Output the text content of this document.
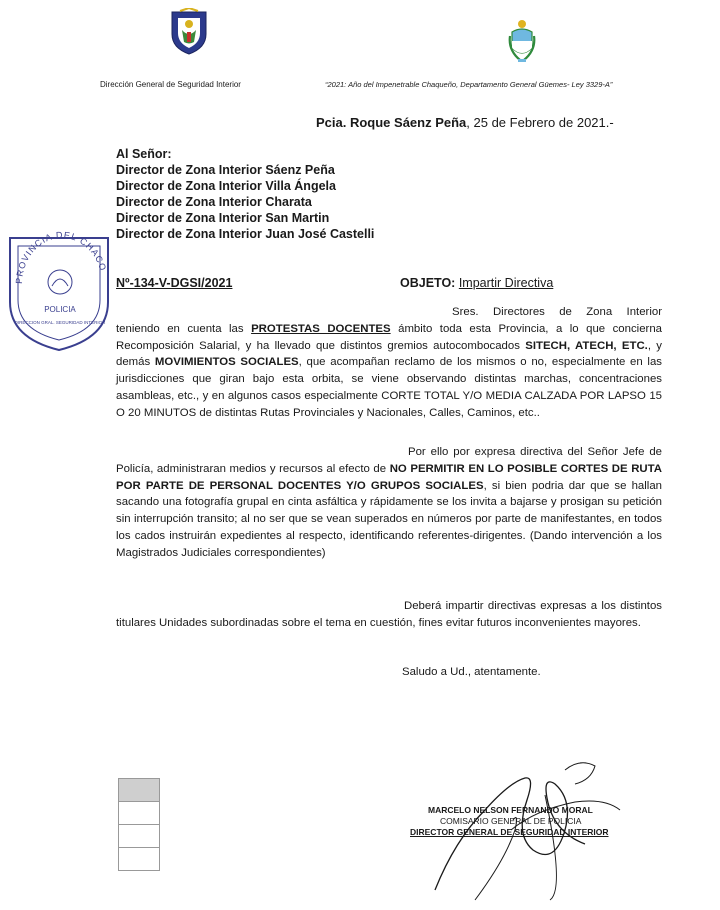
Dirección General de Seguridad Interior	“2021: Año del Impenetrable Chaqueño, Departamento General Güemes- Ley 3329-A”
Pcia. Roque Sáenz Peña, 25 de Febrero de 2021.-
Al Señor:
Director de Zona Interior Sáenz Peña
Director de Zona Interior Villa Ángela
Director de Zona Interior Charata
Director de Zona Interior San Martin
Director de Zona Interior Juan José Castelli
PROVINCIA DEL CHACO
POLICIA
DIRECCION GRAL. SEGURIDAD INTERIOR
Nº-134-V-DGSI/2021	OBJETO: Impartir Directiva
Sres. Directores de Zona Interior teniendo en cuenta las PROTESTAS DOCENTES ámbito toda esta Provincia, a lo que concierna Recomposición Salarial, y ha llevado que distintos gremios autocombocados SITECH, ATECH, ETC., y demás MOVIMIENTOS SOCIALES, que acompañan reclamo de los mismos o no, especialmente en las jurisdicciones que giran bajo esta orbita, se viene observando distintas marchas, concentraciones asambleas, etc., y en algunos casos especialmente CORTE TOTAL Y/O MEDIA CALZADA POR LAPSO 15 O 20 MINUTOS de distintas Rutas Provinciales y Nacionales, Calles, Caminos, etc..
Por ello por expresa directiva del Señor Jefe de Policía, administraran medios y recursos al efecto de NO PERMITIR EN LO POSIBLE CORTES DE RUTA POR PARTE DE PERSONAL DOCENTES Y/O GRUPOS SOCIALES, si bien podria dar que se hallan sacando una fotografía grupal en cinta asfáltica y rápidamente se los invita a bajarse y prosigan su petición sin interrupción transito; al no ser que se vean superados en números por parte de manifestantes, en todos los cados instruirán expedientes al respecto, identificando referentes-dirigentes. (Dando intervención a los Magistrados Judiciales correspondientes)
Deberá impartir directivas expresas a los distintos titulares Unidades subordinadas sobre el tema en cuestión, fines evitar futuros inconvenientes mayores.
Saludo a Ud., atentamente.
MARCELO NELSON FERNANDO MORAL
COMISARIO GENERAL DE POLICIA
DIRECTOR GENERAL DE SEGURIDAD INTERIOR
